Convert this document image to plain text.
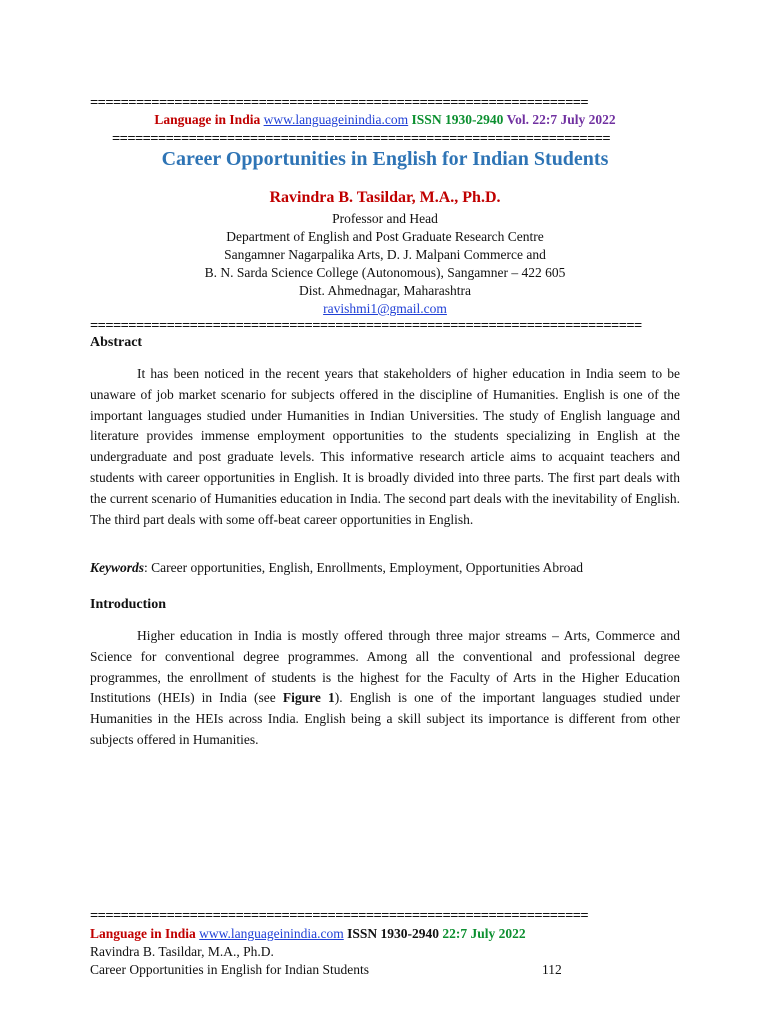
=================================================================
Language in India www.languageinindia.com ISSN 1930-2940 Vol. 22:7 July 2022
=================================================================
Career Opportunities in English for Indian Students
Ravindra B. Tasildar, M.A., Ph.D.
Professor and Head
Department of English and Post Graduate Research Centre
Sangamner Nagarpalika Arts, D. J. Malpani Commerce and
B. N. Sarda Science College (Autonomous), Sangamner – 422 605
Dist. Ahmednagar, Maharashtra
ravishmi1@gmail.com
========================================================================
Abstract
It has been noticed in the recent years that stakeholders of higher education in India seem to be unaware of job market scenario for subjects offered in the discipline of Humanities. English is one of the important languages studied under Humanities in Indian Universities. The study of English language and literature provides immense employment opportunities to the students specializing in English at the undergraduate and post graduate levels. This informative research article aims to acquaint teachers and students with career opportunities in English. It is broadly divided into three parts. The first part deals with the current scenario of Humanities education in India. The second part deals with the inevitability of English. The third part deals with some off-beat career opportunities in English.
Keywords: Career opportunities, English, Enrollments, Employment, Opportunities Abroad
Introduction
Higher education in India is mostly offered through three major streams – Arts, Commerce and Science for conventional degree programmes. Among all the conventional and professional degree programmes, the enrollment of students is the highest for the Faculty of Arts in the Higher Education Institutions (HEIs) in India (see Figure 1). English is one of the important languages studied under Humanities in the HEIs across India. English being a skill subject its importance is different from other subjects offered in Humanities.
=================================================================
Language in India www.languageinindia.com ISSN 1930-2940 22:7 July 2022
Ravindra B. Tasildar, M.A., Ph.D.
Career Opportunities in English for Indian Students	112
